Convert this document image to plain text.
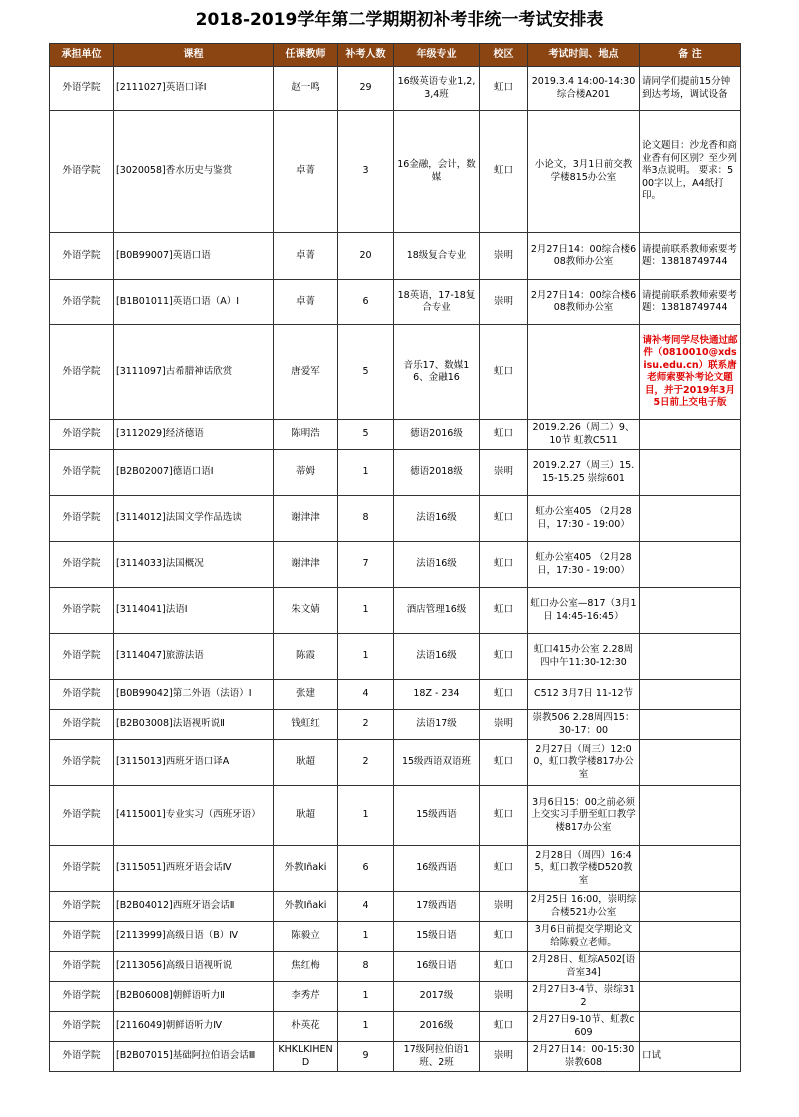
2018-2019学年第二学期期初补考非统一考试安排表
承担单位	课程	任课教师	补考人数	年级专业	校区	考试时间、地点	备 注
外语学院	[2111027]英语口译I	赵一鸣	29	16级英语专业1,2,3,4班	虹口	2019.3.4 14:00-14:30 综合楼A201	请同学们提前15分钟到达考场，调试设备
外语学院	[3020058]香水历史与鉴赏	卓菁	3	16金融，会计，数媒	虹口	小论文，3月1日前交教学楼815办公室	论文题目：沙龙香和商业香有何区别？至少列举3点说明。 要求：500字以上，A4纸打印。
外语学院	[B0B99007]英语口语	卓菁	20	18级复合专业	崇明	2月27日14：00综合楼608教师办公室	请提前联系教师索要考题：13818749744
外语学院	[B1B01011]英语口语（A）I	卓菁	6	18英语，17-18复合专业	崇明	2月27日14：00综合楼608教师办公室	请提前联系教师索要考题：13818749744
外语学院	[3111097]古希腊神话欣赏	唐爱军	5	音乐17、数媒16、金融16	虹口		请补考同学尽快通过邮件（0810010@xdsisu.edu.cn）联系唐老师索要补考论文题目，并于2019年3月5日前上交电子版
外语学院	[3112029]经济德语	陈明浩	5	德语2016级	虹口	2019.2.26（周二）9、10节 虹教C511	
外语学院	[B2B02007]德语口语I	蒂姆	1	德语2018级	崇明	2019.2.27（周三）15.15-15.25 崇综601	
外语学院	[3114012]法国文学作品选读	谢津津	8	法语16级	虹口	虹办公室405 （2月28日，17:30 - 19:00）	
外语学院	[3114033]法国概况	谢津津	7	法语16级	虹口	虹办公室405 （2月28日，17:30 - 19:00）	
外语学院	[3114041]法语I	朱文婧	1	酒店管理16级	虹口	虹口办公室—817（3月1日 14:45-16:45）	
外语学院	[3114047]旅游法语	陈霞	1	法语16级	虹口	虹口415办公室 2.28周四中午11:30-12:30	
外语学院	[B0B99042]第二外语（法语）I	张建	4	18Z - 234	虹口	C512 3月7日 11-12节	
外语学院	[B2B03008]法语视听说Ⅱ	钱虹红	2	法语17级	崇明	崇教506 2.28周四15：30-17：00	
外语学院	[3115013]西班牙语口译A	耿超	2	15级西语双语班	虹口	2月27日（周三）12:00，虹口教学楼817办公室	
外语学院	[4115001]专业实习（西班牙语）	耿超	1	15级西语	虹口	3月6日15：00之前必须上交实习手册至虹口教学楼817办公室	
外语学院	[3115051]西班牙语会话Ⅳ	外教Iñaki	6	16级西语	虹口	2月28日（周四）16:45，虹口教学楼D520教室	
外语学院	[B2B04012]西班牙语会话Ⅱ	外教Iñaki	4	17级西语	崇明	2月25日 16:00，崇明综合楼521办公室	
外语学院	[2113999]高级日语（B）Ⅳ	陈毅立	1	15级日语	虹口	3月6日前提交学期论文给陈毅立老师。	
外语学院	[2113056]高级日语视听说	焦红梅	8	16级日语	虹口	2月28日、虹综A502[语音室34]	
外语学院	[B2B06008]朝鲜语听力Ⅱ	李秀芹	1	2017级	崇明	2月27日3-4节、崇综312	
外语学院	[2116049]朝鲜语听力Ⅳ	朴英花	1	2016级	虹口	2月27日9-10节、虹教c609	
外语学院	[B2B07015]基础阿拉伯语会话Ⅲ	KHKLKIHEND	9	17级阿拉伯语1班、2班	崇明	2月27日14：00-15:30 崇教608	口试
